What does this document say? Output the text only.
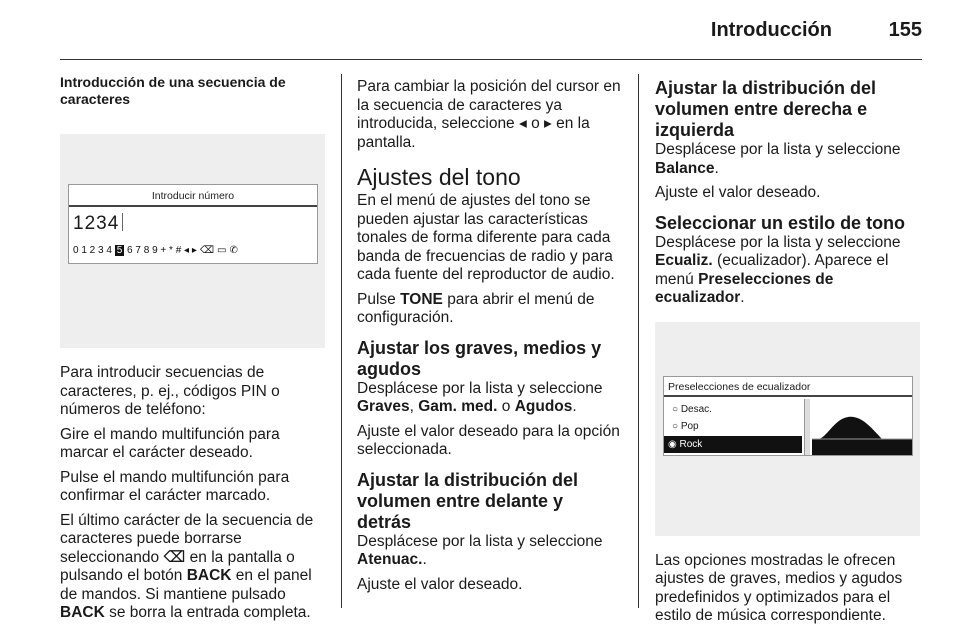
Introducción	155
Introducción de una secuencia de caracteres
Introducir número
1234
0 1 2 3 4 5 6 7 8 9 + * # ◂ ▸ ⌫ ▭ ✆

Para introducir secuencias de caracteres, p. ej., códigos PIN o números de teléfono:

Gire el mando multifunción para marcar el carácter deseado.

Pulse el mando multifunción para confirmar el carácter marcado.

El último carácter de la secuencia de caracteres puede borrarse seleccionando ⌫ en la pantalla o pulsando el botón BACK en el panel de mandos. Si mantiene pulsado BACK se borra la entrada completa.

Para cambiar la posición del cursor en la secuencia de caracteres ya introducida, seleccione ◂ o ▸ en la pantalla.

Ajustes del tono

En el menú de ajustes del tono se pueden ajustar las características tonales de forma diferente para cada banda de frecuencias de radio y para cada fuente del reproductor de audio.

Pulse TONE para abrir el menú de configuración.

Ajustar los graves, medios y agudos

Desplácese por la lista y seleccione Graves, Gam. med. o Agudos.

Ajuste el valor deseado para la opción seleccionada.

Ajustar la distribución del volumen entre delante y detrás

Desplácese por la lista y seleccione Atenuac..

Ajuste el valor deseado.

Ajustar la distribución del volumen entre derecha e izquierda

Desplácese por la lista y seleccione Balance.

Ajuste el valor deseado.

Seleccionar un estilo de tono

Desplácese por la lista y seleccione Ecualiz. (ecualizador). Aparece el menú Preselecciones de ecualizador.

Preselecciones de ecualizador
○ Desac.
○ Pop
◉ Rock

Las opciones mostradas le ofrecen ajustes de graves, medios y agudos predefinidos y optimizados para el estilo de música correspondiente.
